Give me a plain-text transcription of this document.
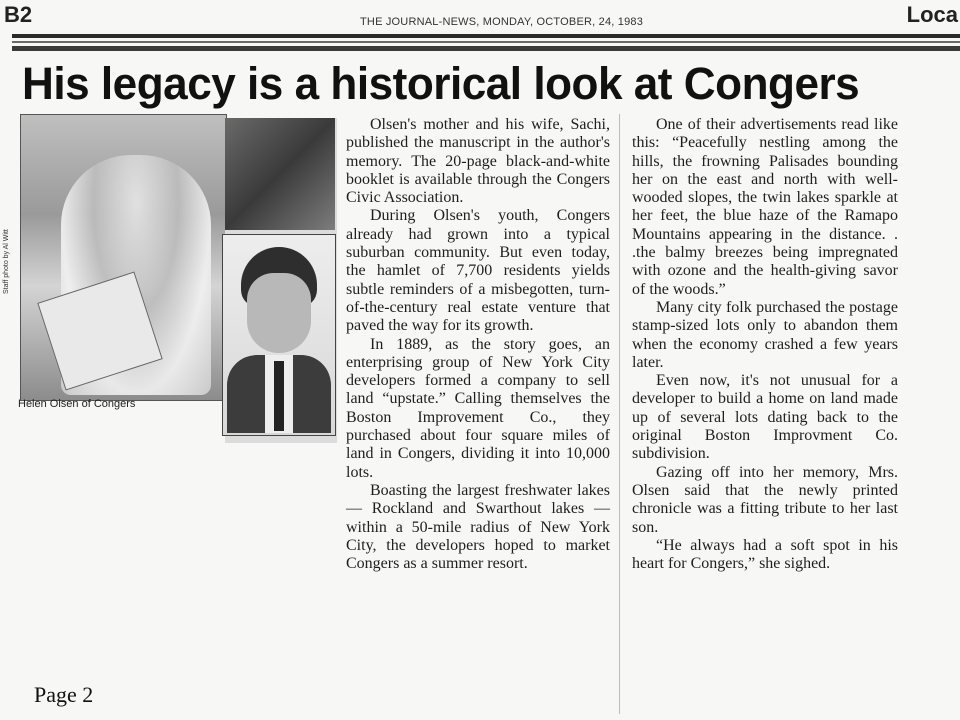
B2	THE JOURNAL-NEWS, MONDAY, OCTOBER, 24, 1983	Loca
His legacy is a historical look at Congers
Staff photo by Al Witt
Helen Olsen of Congers

Olsen's mother and his wife, Sachi, published the manuscript in the author's memory. The 20-page black-and-white booklet is available through the Congers Civic Association.

During Olsen's youth, Congers already had grown into a typical suburban community. But even today, the hamlet of 7,700 residents yields subtle reminders of a misbegotten, turn-of-the-century real estate venture that paved the way for its growth.

In 1889, as the story goes, an enterprising group of New York City developers formed a company to sell land “upstate.” Calling themselves the Boston Improvement Co., they purchased about four square miles of land in Congers, dividing it into 10,000 lots.

Boasting the largest freshwater lakes — Rockland and Swarthout lakes — within a 50-mile radius of New York City, the developers hoped to market Congers as a summer resort.

One of their advertisements read like this: “Peacefully nestling among the hills, the frowning Palisades bounding her on the east and north with well-wooded slopes, the twin lakes sparkle at her feet, the blue haze of the Ramapo Mountains appearing in the distance. . .the balmy breezes being impregnated with ozone and the health-giving savor of the woods.”

Many city folk purchased the postage stamp-sized lots only to abandon them when the economy crashed a few years later.

Even now, it's not unusual for a developer to build a home on land made up of several lots dating back to the original Boston Improvment Co. subdivision.

Gazing off into her memory, Mrs. Olsen said that the newly printed chronicle was a fitting tribute to her last son.

“He always had a soft spot in his heart for Congers,” she sighed.

Page 2
